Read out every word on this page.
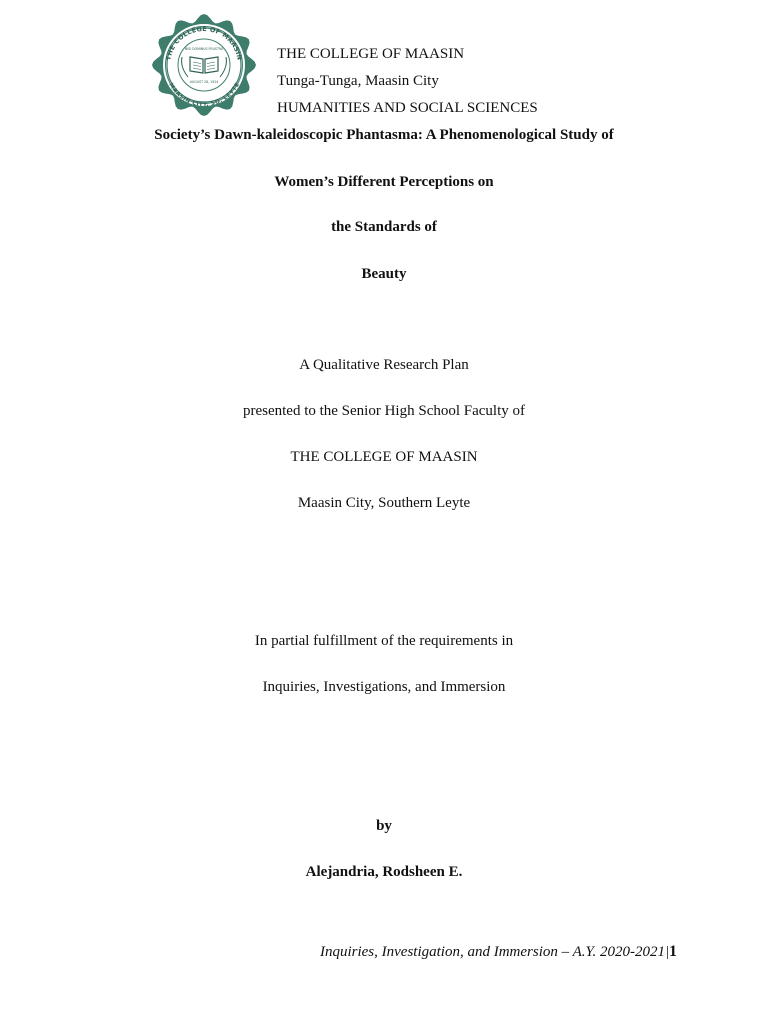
THE COLLEGE OF MAASIN
MAASIN CITY, SO. LEYTE
NISI DOMINUS FRUSTRA
AUGUST 28, 1924
THE COLLEGE OF MAASIN
Tunga-Tunga, Maasin City
HUMANITIES AND SOCIAL SCIENCES
Society’s Dawn-kaleidoscopic Phantasma: A Phenomenological Study of
Women’s Different Perceptions on
the Standards of
Beauty
A Qualitative Research Plan
presented to the Senior High School Faculty of
THE COLLEGE OF MAASIN
Maasin City, Southern Leyte
In partial fulfillment of the requirements in
Inquiries, Investigations, and Immersion
by
Alejandria, Rodsheen E.
Inquiries, Investigation, and Immersion – A.Y. 2020-2021|1
